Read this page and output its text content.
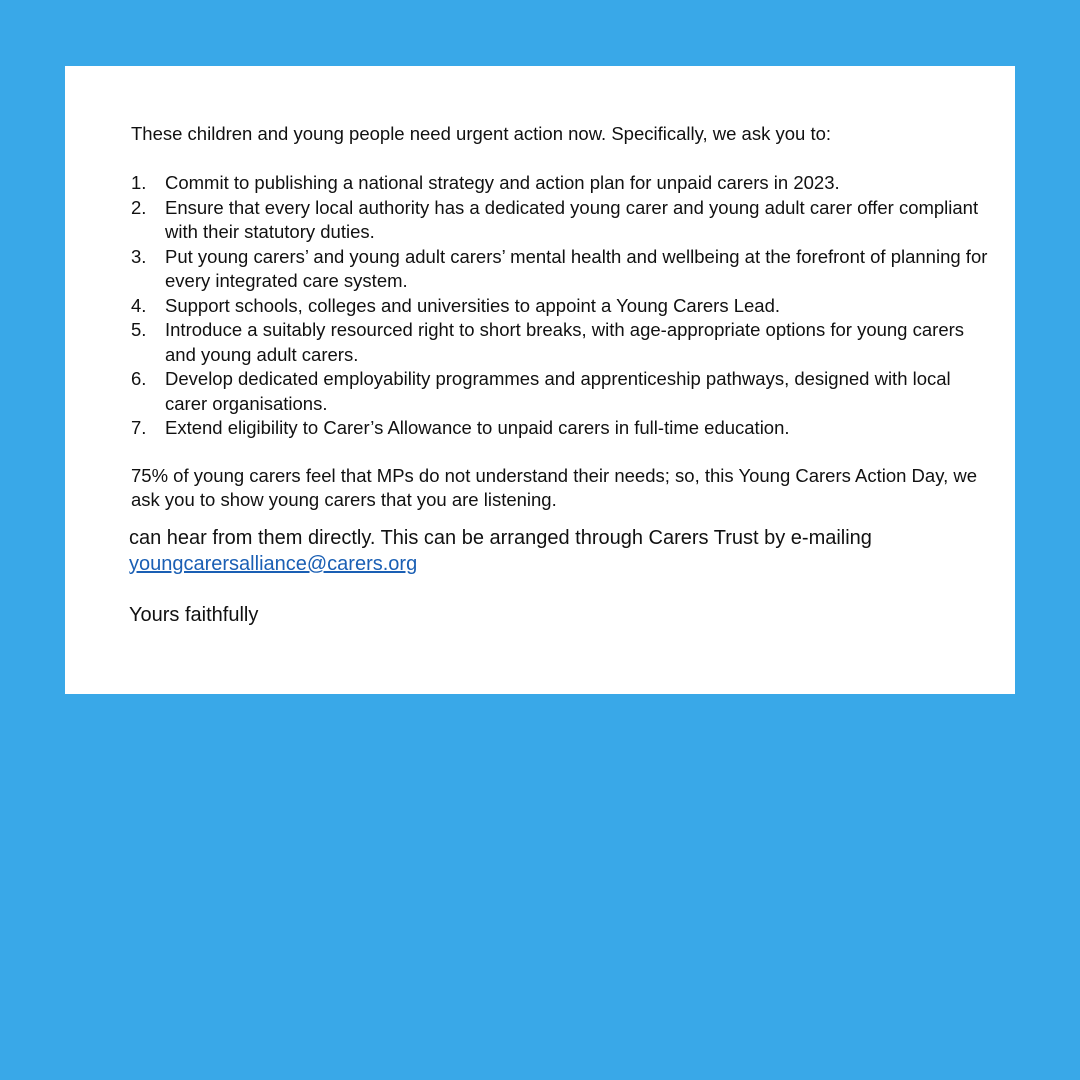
These children and young people need urgent action now. Specifically, we ask you to:

1. Commit to publishing a national strategy and action plan for unpaid carers in 2023.
2. Ensure that every local authority has a dedicated young carer and young adult carer offer compliant with their statutory duties.
3. Put young carers’ and young adult carers’ mental health and wellbeing at the forefront of planning for every integrated care system.
4. Support schools, colleges and universities to appoint a Young Carers Lead.
5. Introduce a suitably resourced right to short breaks, with age-appropriate options for young carers and young adult carers.
6. Develop dedicated employability programmes and apprenticeship pathways, designed with local carer organisations.
7. Extend eligibility to Carer’s Allowance to unpaid carers in full-time education.

75% of young carers feel that MPs do not understand their needs; so, this Young Carers Action Day, we ask you to show young carers that you are listening.

can hear from them directly. This can be arranged through Carers Trust by e-mailing
youngcarersalliance@carers.org

Yours faithfully
